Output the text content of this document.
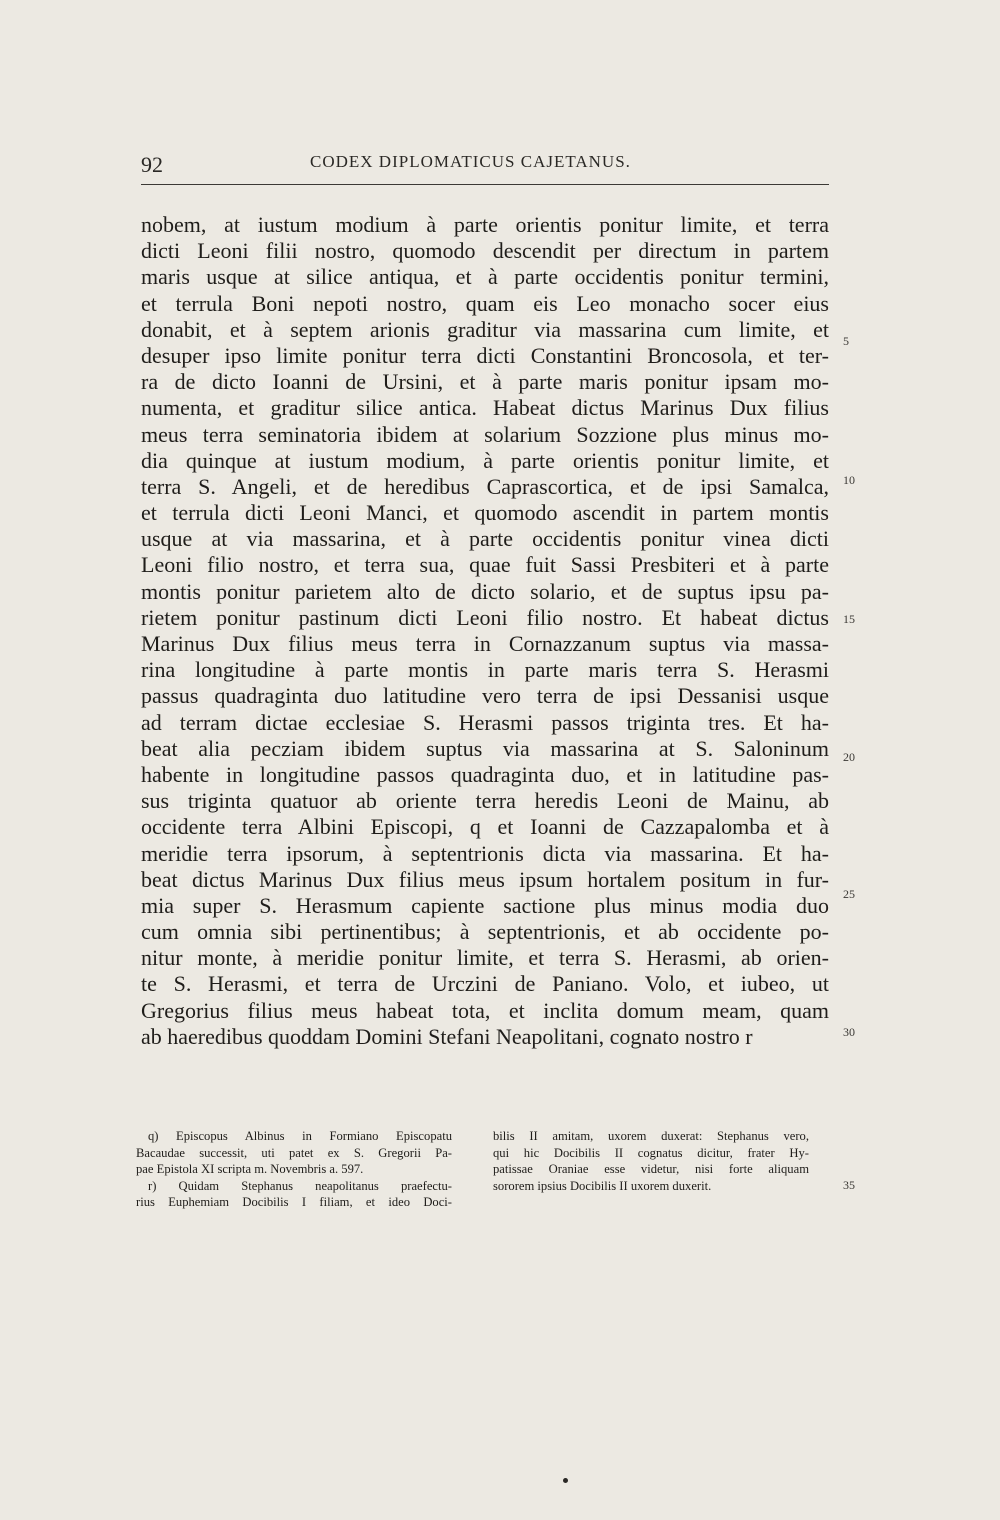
92	CODEX DIPLOMATICUS CAJETANUS.
nobem, at iustum modium à parte orientis ponitur limite, et terra
dicti Leoni filii nostro, quomodo descendit per directum in partem
maris usque at silice antiqua, et à parte occidentis ponitur termini,
et terrula Boni nepoti nostro, quam eis Leo monacho socer eius
donabit, et à septem arionis graditur via massarina cum limite, et
desuper ipso limite ponitur terra dicti Constantini Broncosola, et ter-
ra de dicto Ioanni de Ursini, et à parte maris ponitur ipsam mo-
numenta, et graditur silice antica. Habeat dictus Marinus Dux filius
meus terra seminatoria ibidem at solarium Sozzione plus minus mo-
dia quinque at iustum modium, à parte orientis ponitur limite, et
terra S. Angeli, et de heredibus Caprascortica, et de ipsi Samalca,
et terrula dicti Leoni Manci, et quomodo ascendit in partem montis
usque at via massarina, et à parte occidentis ponitur vinea dicti
Leoni filio nostro, et terra sua, quae fuit Sassi Presbiteri et à parte
montis ponitur parietem alto de dicto solario, et de suptus ipsu pa-
rietem ponitur pastinum dicti Leoni filio nostro. Et habeat dictus
Marinus Dux filius meus terra in Cornazzanum suptus via massa-
rina longitudine à parte montis in parte maris terra S. Herasmi
passus quadraginta duo latitudine vero terra de ipsi Dessanisi usque
ad terram dictae ecclesiae S. Herasmi passos triginta tres. Et ha-
beat alia pecziam ibidem suptus via massarina at S. Saloninum
habente in longitudine passos quadraginta duo, et in latitudine pas-
sus triginta quatuor ab oriente terra heredis Leoni de Mainu, ab
occidente terra Albini Episcopi, q et Ioanni de Cazzapalomba et à
meridie terra ipsorum, à septentrionis dicta via massarina. Et ha-
beat dictus Marinus Dux filius meus ipsum hortalem positum in fur-
mia super S. Herasmum capiente sactione plus minus modia duo
cum omnia sibi pertinentibus; à septentrionis, et ab occidente po-
nitur monte, à meridie ponitur limite, et terra S. Herasmi, ab orien-
te S. Herasmi, et terra de Urczini de Paniano. Volo, et iubeo, ut
Gregorius filius meus habeat tota, et inclita domum meam, quam
ab haeredibus quoddam Domini Stefani Neapolitani, cognato nostro r
5
10
15
20
25
30
35
q) Episcopus Albinus in Formiano Episcopatu
Bacaudae successit, uti patet ex S. Gregorii Pa-
pae Epistola XI scripta m. Novembris a. 597.
r) Quidam Stephanus neapolitanus praefectu-
rius Euphemiam Docibilis I filiam, et ideo Doci-
bilis II amitam, uxorem duxerat: Stephanus vero,
qui hic Docibilis II cognatus dicitur, frater Hy-
patissae Oraniae esse videtur, nisi forte aliquam
sororem ipsius Docibilis II uxorem duxerit.
